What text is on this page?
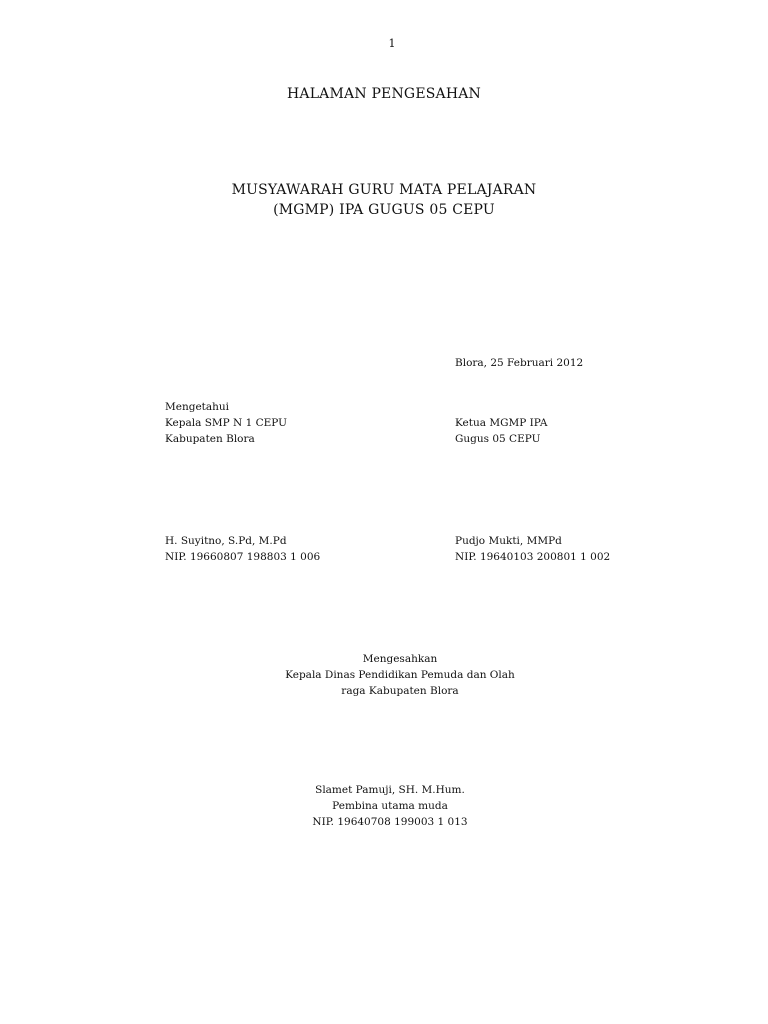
1
HALAMAN PENGESAHAN
MUSYAWARAH GURU MATA PELAJARAN
(MGMP) IPA GUGUS 05 CEPU
Blora, 25 Februari 2012
Mengetahui
Kepala SMP N 1 CEPU
Kabupaten Blora
Ketua MGMP IPA
Gugus 05 CEPU
H. Suyitno, S.Pd, M.Pd
NIP. 19660807 198803 1 006
Pudjo Mukti, MMPd
NIP. 19640103 200801 1 002
Mengesahkan
Kepala Dinas Pendidikan Pemuda dan Olah
raga Kabupaten Blora
Slamet Pamuji, SH. M.Hum.
Pembina utama muda
NIP. 19640708 199003 1 013
